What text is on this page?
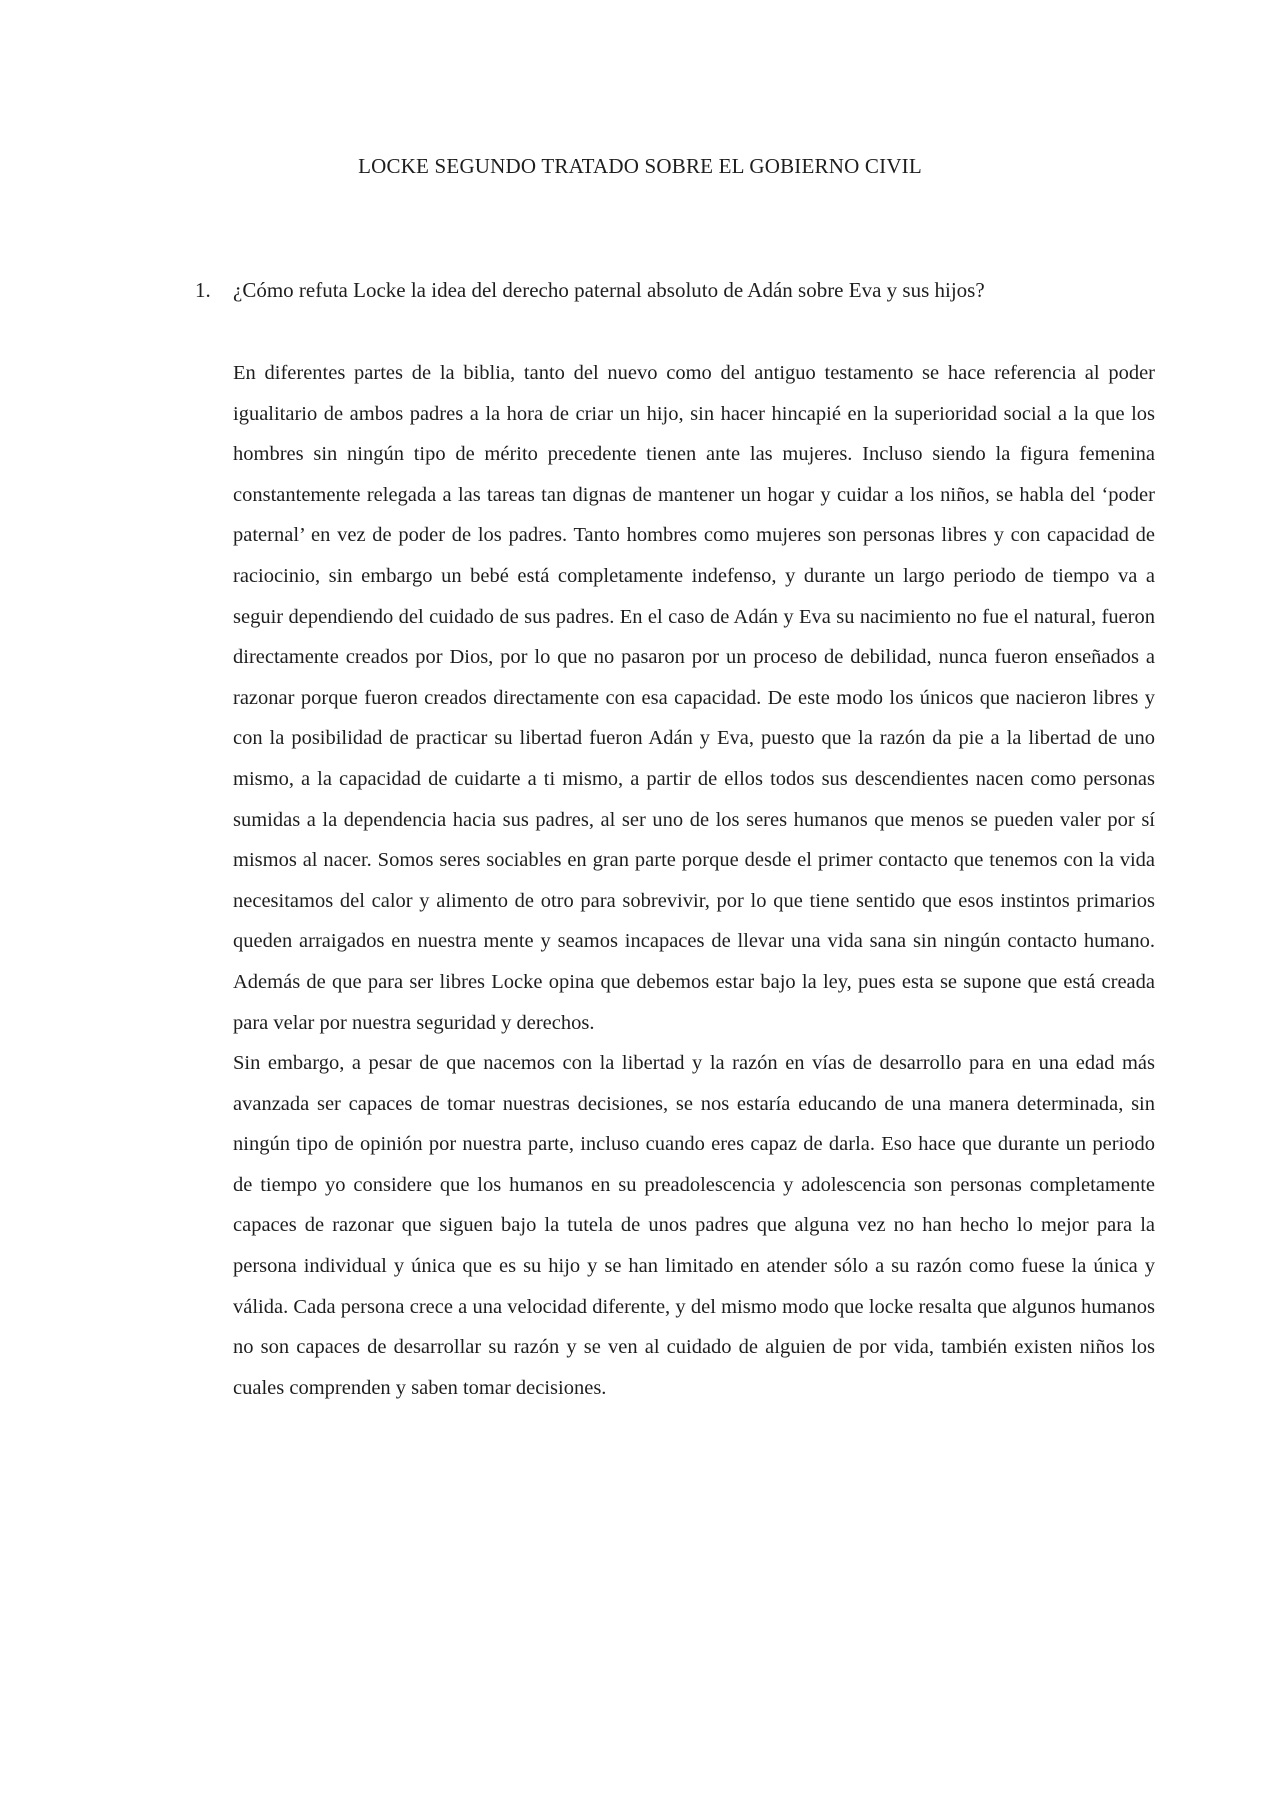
LOCKE SEGUNDO TRATADO SOBRE EL GOBIERNO CIVIL
1. ¿Cómo refuta Locke la idea del derecho paternal absoluto de Adán sobre Eva y sus hijos?

En diferentes partes de la biblia, tanto del nuevo como del antiguo testamento se hace referencia al poder igualitario de ambos padres a la hora de criar un hijo, sin hacer hincapié en la superioridad social a la que los hombres sin ningún tipo de mérito precedente tienen ante las mujeres. Incluso siendo la figura femenina constantemente relegada a las tareas tan dignas de mantener un hogar y cuidar a los niños, se habla del ‘poder paternal’ en vez de poder de los padres. Tanto hombres como mujeres son personas libres y con capacidad de raciocinio, sin embargo un bebé está completamente indefenso, y durante un largo periodo de tiempo va a seguir dependiendo del cuidado de sus padres. En el caso de Adán y Eva su nacimiento no fue el natural, fueron directamente creados por Dios, por lo que no pasaron por un proceso de debilidad, nunca fueron enseñados a razonar porque fueron creados directamente con esa capacidad. De este modo los únicos que nacieron libres y con la posibilidad de practicar su libertad fueron Adán y Eva, puesto que la razón da pie a la libertad de uno mismo, a la capacidad de cuidarte a ti mismo, a partir de ellos todos sus descendientes nacen como personas sumidas a la dependencia hacia sus padres, al ser uno de los seres humanos que menos se pueden valer por sí mismos al nacer. Somos seres sociables en gran parte porque desde el primer contacto que tenemos con la vida necesitamos del calor y alimento de otro para sobrevivir, por lo que tiene sentido que esos instintos primarios queden arraigados en nuestra mente y seamos incapaces de llevar una vida sana sin ningún contacto humano. Además de que para ser libres Locke opina que debemos estar bajo la ley, pues esta se supone que está creada para velar por nuestra seguridad y derechos.

Sin embargo, a pesar de que nacemos con la libertad y la razón en vías de desarrollo para en una edad más avanzada ser capaces de tomar nuestras decisiones, se nos estaría educando de una manera determinada, sin ningún tipo de opinión por nuestra parte, incluso cuando eres capaz de darla. Eso hace que durante un periodo de tiempo yo considere que los humanos en su preadolescencia y adolescencia son personas completamente capaces de razonar que siguen bajo la tutela de unos padres que alguna vez no han hecho lo mejor para la persona individual y única que es su hijo y se han limitado en atender sólo a su razón como fuese la única y válida. Cada persona crece a una velocidad diferente, y del mismo modo que locke resalta que algunos humanos no son capaces de desarrollar su razón y se ven al cuidado de alguien de por vida, también existen niños los cuales comprenden y saben tomar decisiones.
